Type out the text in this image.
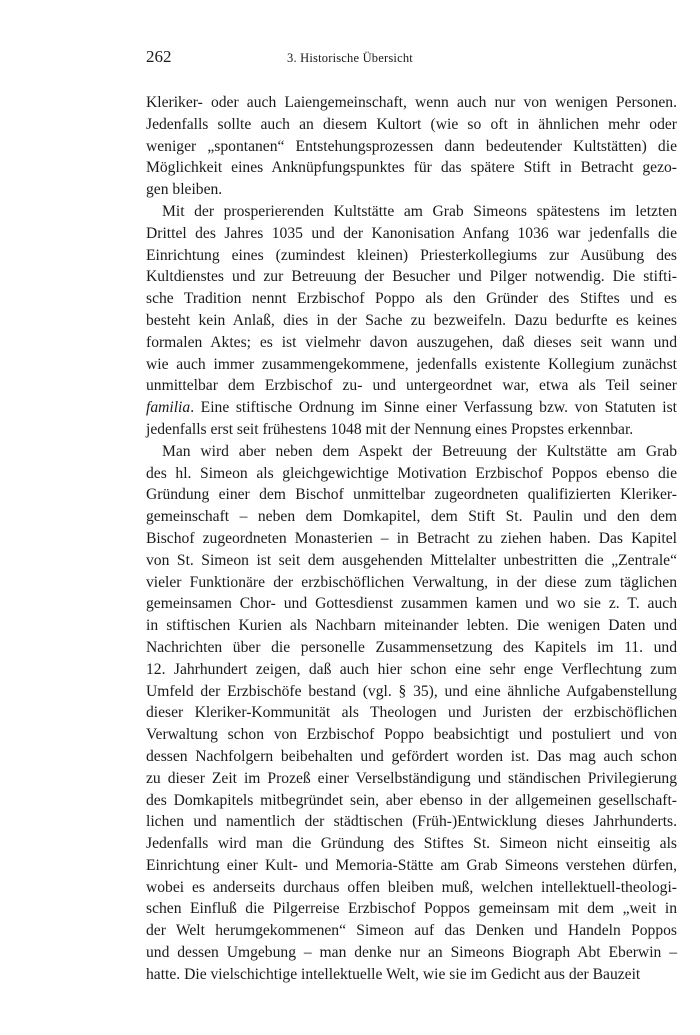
262	3. Historische Übersicht
Kleriker- oder auch Laiengemeinschaft, wenn auch nur von wenigen Personen.
Jedenfalls sollte auch an diesem Kultort (wie so oft in ähnlichen mehr oder
weniger „spontanen“ Entstehungsprozessen dann bedeutender Kultstätten) die
Möglichkeit eines Anknüpfungspunktes für das spätere Stift in Betracht gezo-
gen bleiben.
Mit der prosperierenden Kultstätte am Grab Simeons spätestens im letzten
Drittel des Jahres 1035 und der Kanonisation Anfang 1036 war jedenfalls die
Einrichtung eines (zumindest kleinen) Priesterkollegiums zur Ausübung des
Kultdienstes und zur Betreuung der Besucher und Pilger notwendig. Die stifti-
sche Tradition nennt Erzbischof Poppo als den Gründer des Stiftes und es
besteht kein Anlaß, dies in der Sache zu bezweifeln. Dazu bedurfte es keines
formalen Aktes; es ist vielmehr davon auszugehen, daß dieses seit wann und
wie auch immer zusammengekommene, jedenfalls existente Kollegium zunächst
unmittelbar dem Erzbischof zu- und untergeordnet war, etwa als Teil seiner
familia. Eine stiftische Ordnung im Sinne einer Verfassung bzw. von Statuten ist
jedenfalls erst seit frühestens 1048 mit der Nennung eines Propstes erkennbar.
Man wird aber neben dem Aspekt der Betreuung der Kultstätte am Grab
des hl. Simeon als gleichgewichtige Motivation Erzbischof Poppos ebenso die
Gründung einer dem Bischof unmittelbar zugeordneten qualifizierten Kleriker-
gemeinschaft – neben dem Domkapitel, dem Stift St. Paulin und den dem
Bischof zugeordneten Monasterien – in Betracht zu ziehen haben. Das Kapitel
von St. Simeon ist seit dem ausgehenden Mittelalter unbestritten die „Zentrale“
vieler Funktionäre der erzbischöflichen Verwaltung, in der diese zum täglichen
gemeinsamen Chor- und Gottesdienst zusammen kamen und wo sie z. T. auch
in stiftischen Kurien als Nachbarn miteinander lebten. Die wenigen Daten und
Nachrichten über die personelle Zusammensetzung des Kapitels im 11. und
12. Jahrhundert zeigen, daß auch hier schon eine sehr enge Verflechtung zum
Umfeld der Erzbischöfe bestand (vgl. § 35), und eine ähnliche Aufgabenstellung
dieser Kleriker-Kommunität als Theologen und Juristen der erzbischöflichen
Verwaltung schon von Erzbischof Poppo beabsichtigt und postuliert und von
dessen Nachfolgern beibehalten und gefördert worden ist. Das mag auch schon
zu dieser Zeit im Prozeß einer Verselbständigung und ständischen Privilegierung
des Domkapitels mitbegründet sein, aber ebenso in der allgemeinen gesellschaft-
lichen und namentlich der städtischen (Früh-)Entwicklung dieses Jahrhunderts.
Jedenfalls wird man die Gründung des Stiftes St. Simeon nicht einseitig als
Einrichtung einer Kult- und Memoria-Stätte am Grab Simeons verstehen dürfen,
wobei es anderseits durchaus offen bleiben muß, welchen intellektuell-theologi-
schen Einfluß die Pilgerreise Erzbischof Poppos gemeinsam mit dem „weit in
der Welt herumgekommenen“ Simeon auf das Denken und Handeln Poppos
und dessen Umgebung – man denke nur an Simeons Biograph Abt Eberwin –
hatte. Die vielschichtige intellektuelle Welt, wie sie im Gedicht aus der Bauzeit
